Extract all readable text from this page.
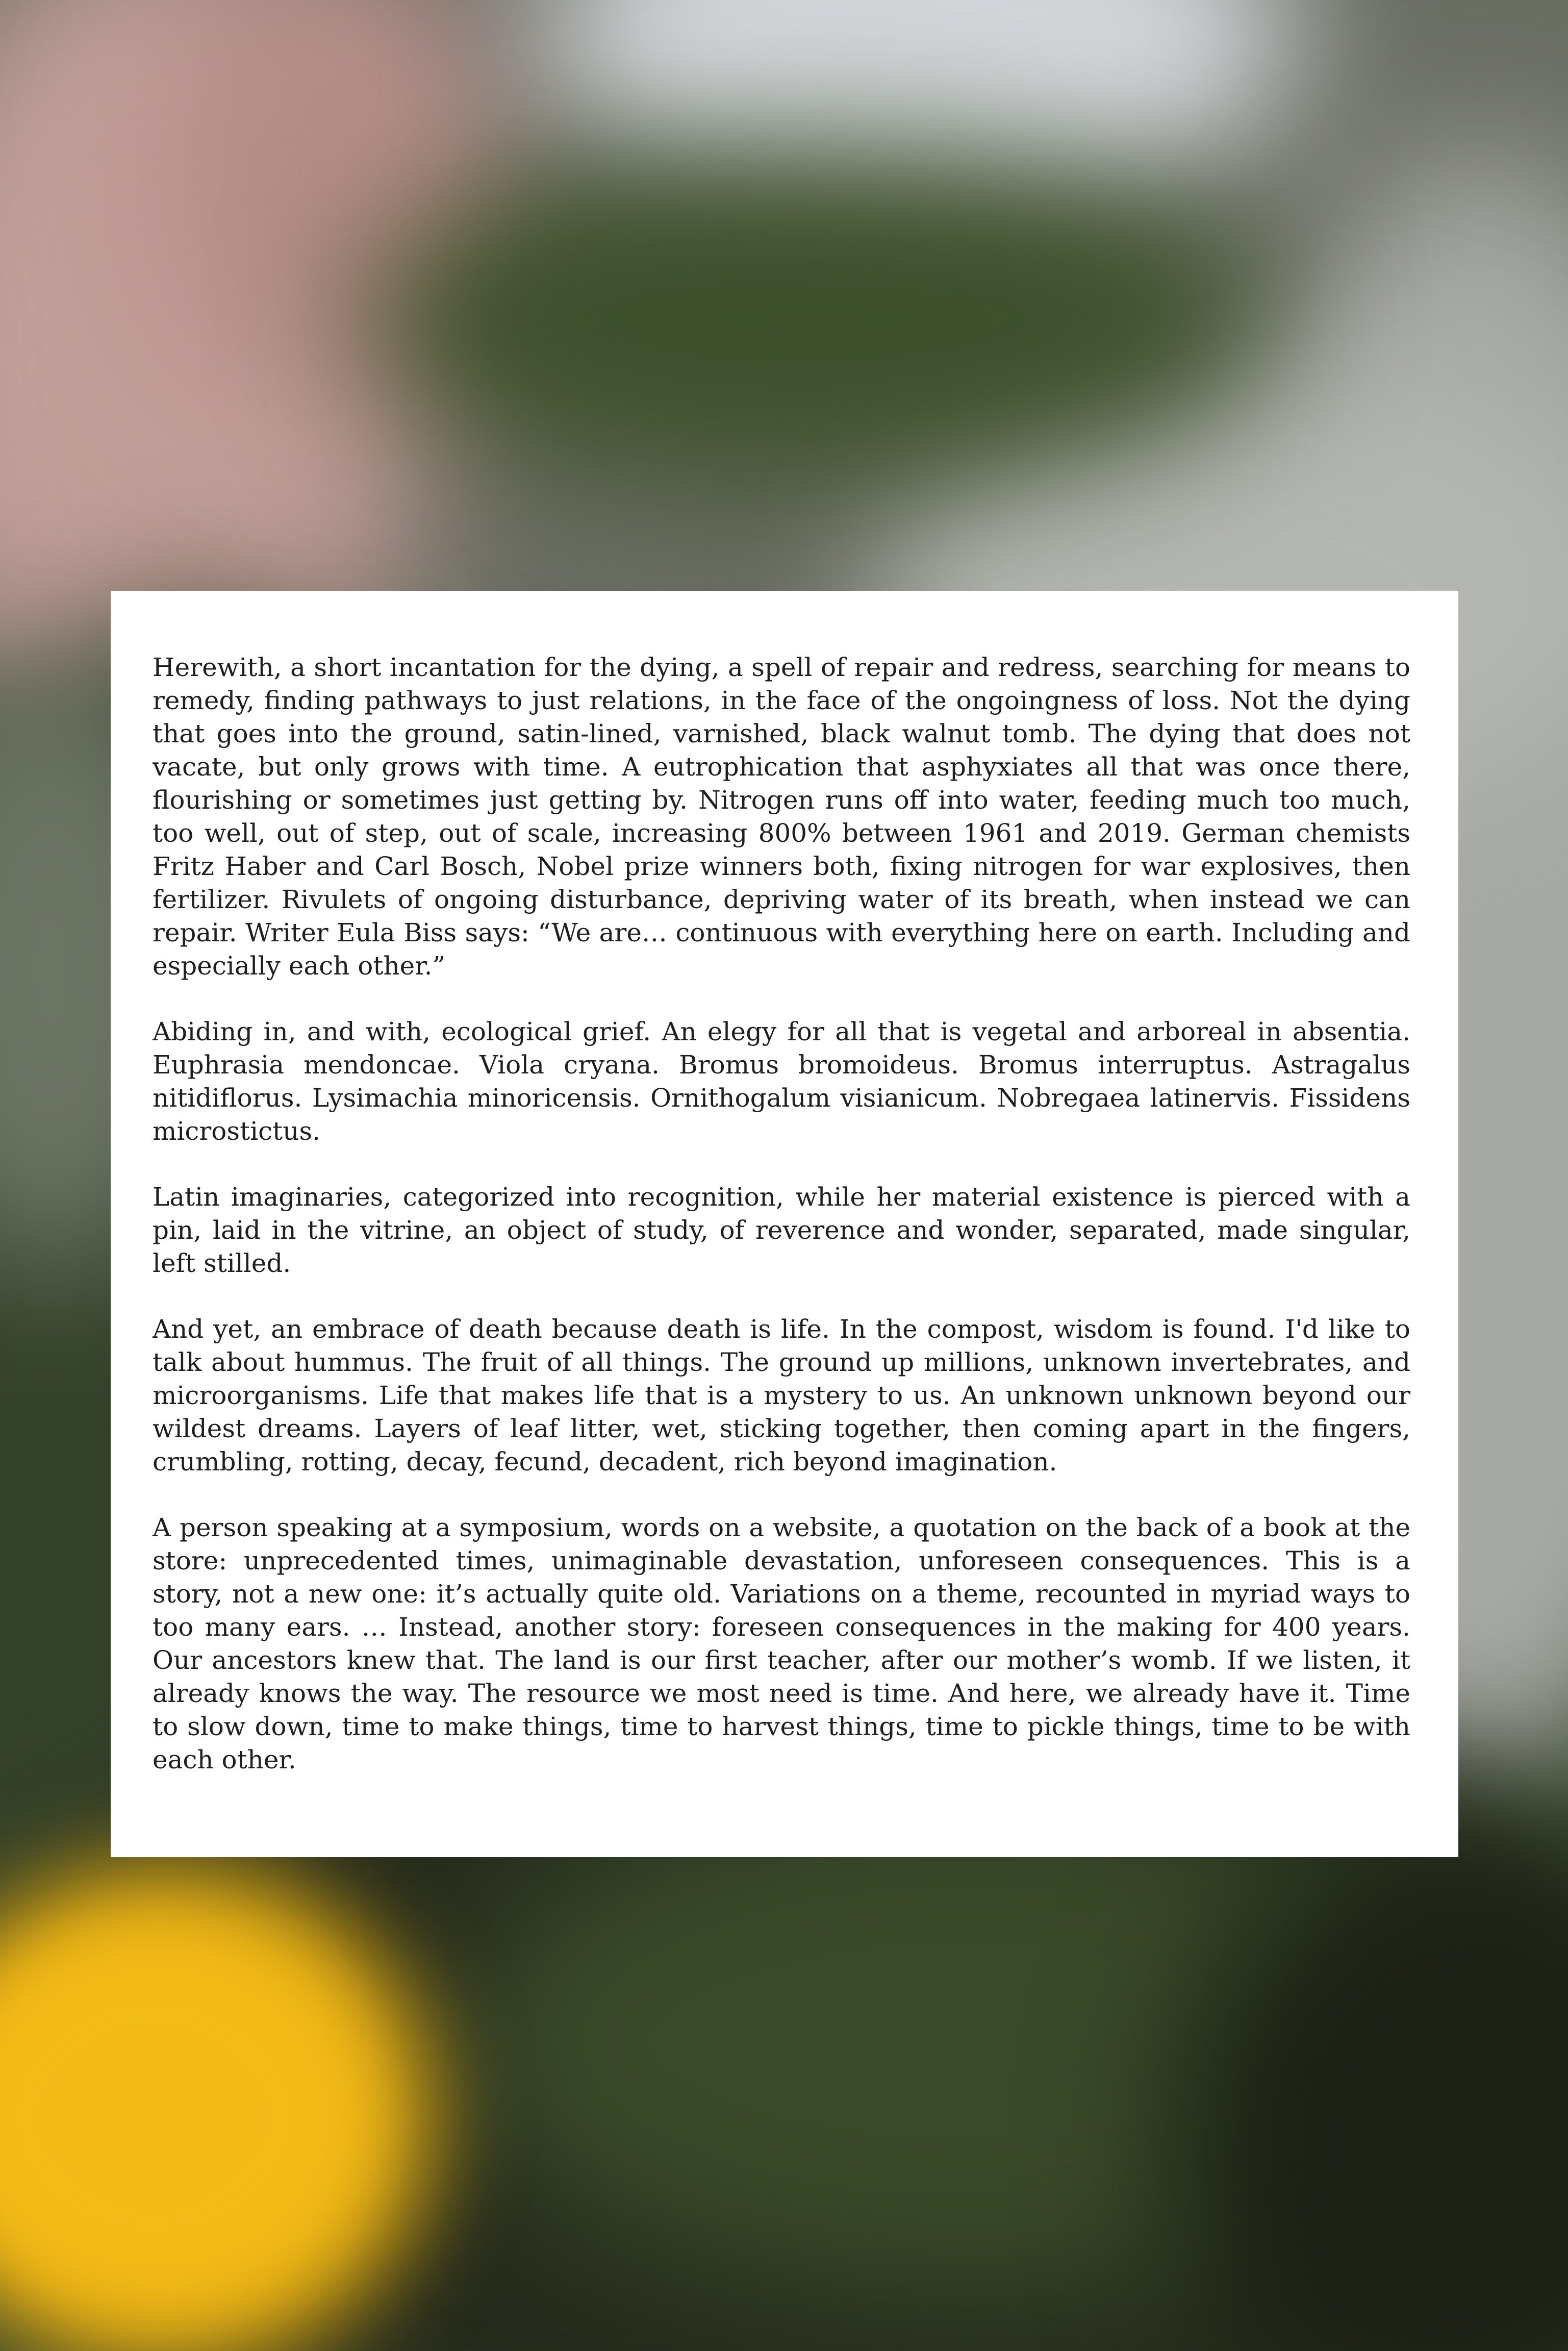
Herewith, a short incantation for the dying, a spell of repair and redress, searching for means to remedy, finding pathways to just relations, in the face of the ongoingness of loss. Not the dying that goes into the ground, satin-lined, varnished, black walnut tomb. The dying that does not vacate, but only grows with time. A eutrophication that asphyxiates all that was once there, flourishing or sometimes just getting by. Nitrogen runs off into water, feeding much too much, too well, out of step, out of scale, increasing 800% between 1961 and 2019. German chemists Fritz Haber and Carl Bosch, Nobel prize winners both, fixing nitrogen for war explosives, then fertilizer. Rivulets of ongoing disturbance, depriving water of its breath, when instead we can repair. Writer Eula Biss says: “We are… continuous with everything here on earth. Including and especially each other.”

Abiding in, and with, ecological grief. An elegy for all that is vegetal and arboreal in absentia. Euphrasia mendoncae. Viola cryana. Bromus bromoideus. Bromus interruptus. Astragalus nitidiflorus. Lysimachia minoricensis. Ornithogalum visianicum. Nobregaea latinervis. Fissidens microstictus.

Latin imaginaries, categorized into recognition, while her material existence is pierced with a pin, laid in the vitrine, an object of study, of reverence and wonder, separated, made singular, left stilled.

And yet, an embrace of death because death is life. In the compost, wisdom is found. I'd like to talk about hummus. The fruit of all things. The ground up millions, unknown invertebrates, and microorganisms. Life that makes life that is a mystery to us. An unknown unknown beyond our wildest dreams. Layers of leaf litter, wet, sticking together, then coming apart in the fingers, crumbling, rotting, decay, fecund, decadent, rich beyond imagination.

A person speaking at a symposium, words on a website, a quotation on the back of a book at the store: unprecedented times, unimaginable devastation, unforeseen consequences. This is a story, not a new one: it’s actually quite old. Variations on a theme, recounted in myriad ways to too many ears. … Instead, another story: foreseen consequences in the making for 400 years. Our ancestors knew that. The land is our first teacher, after our mother’s womb. If we listen, it already knows the way. The resource we most need is time. And here, we already have it. Time to slow down, time to make things, time to harvest things, time to pickle things, time to be with each other.
